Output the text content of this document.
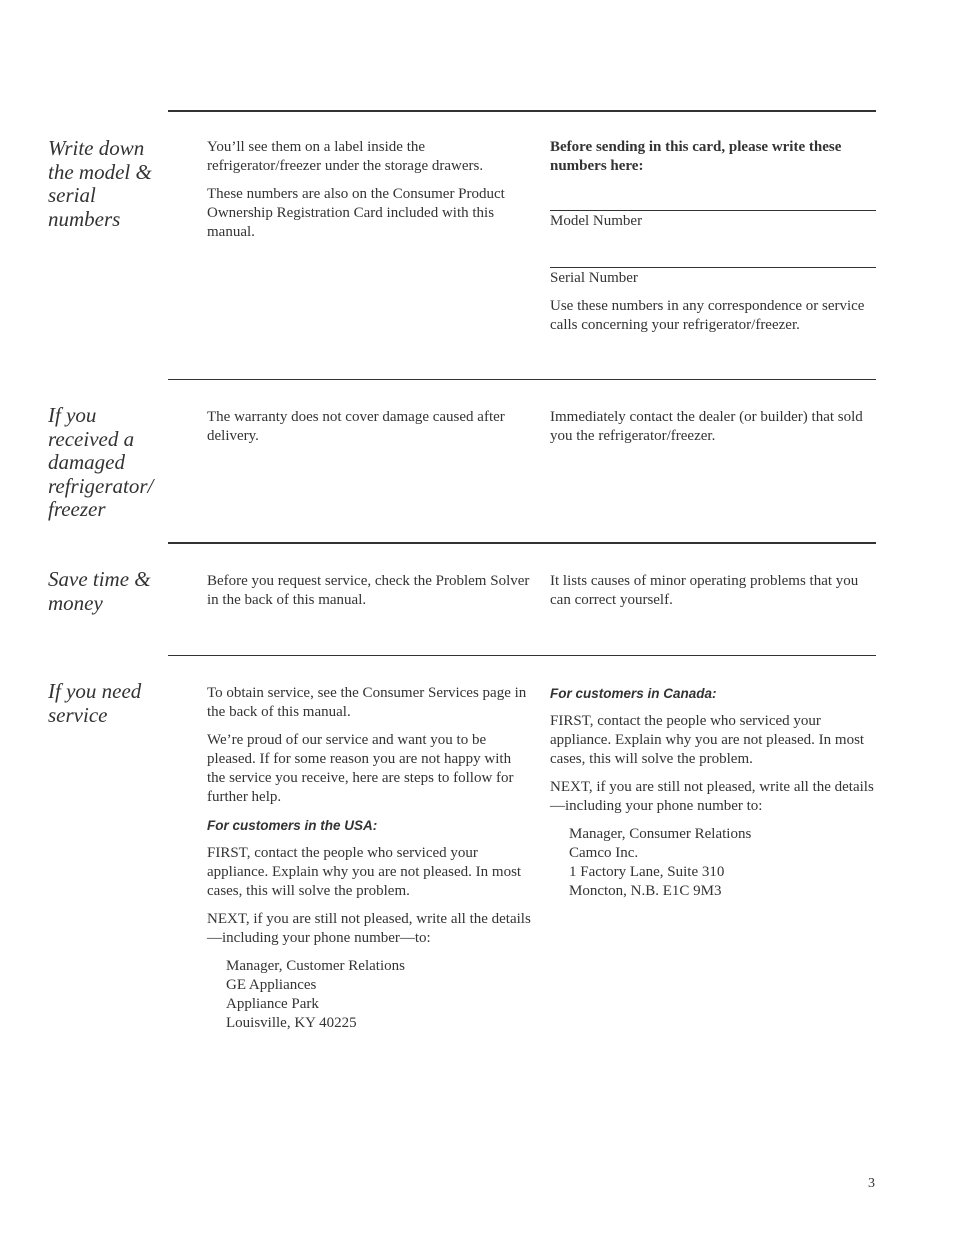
Write down the model & serial numbers

You’ll see them on a label inside the refrigerator/freezer under the storage drawers.

These numbers are also on the Consumer Product Ownership Registration Card included with this manual.

Before sending in this card, please write these numbers here:

Model Number

Serial Number

Use these numbers in any correspondence or service calls concerning your refrigerator/freezer.

If you received a damaged refrigerator/ freezer

The warranty does not cover damage caused after delivery.

Immediately contact the dealer (or builder) that sold you the refrigerator/freezer.

Save time & money

Before you request service, check the Problem Solver in the back of this manual.

It lists causes of minor operating problems that you can correct yourself.

If you need service

To obtain service, see the Consumer Services page in the back of this manual.

We’re proud of our service and want you to be pleased. If for some reason you are not happy with the service you receive, here are steps to follow for further help.

For customers in the USA:

FIRST, contact the people who serviced your appliance. Explain why you are not pleased. In most cases, this will solve the problem.

NEXT, if you are still not pleased, write all the details—including your phone number—to:

Manager, Customer Relations
GE Appliances
Appliance Park
Louisville, KY 40225

For customers in Canada:

FIRST, contact the people who serviced your appliance. Explain why you are not pleased. In most cases, this will solve the problem.

NEXT, if you are still not pleased, write all the details—including your phone number to:

Manager, Consumer Relations
Camco Inc.
1 Factory Lane, Suite 310
Moncton, N.B. E1C 9M3
3
